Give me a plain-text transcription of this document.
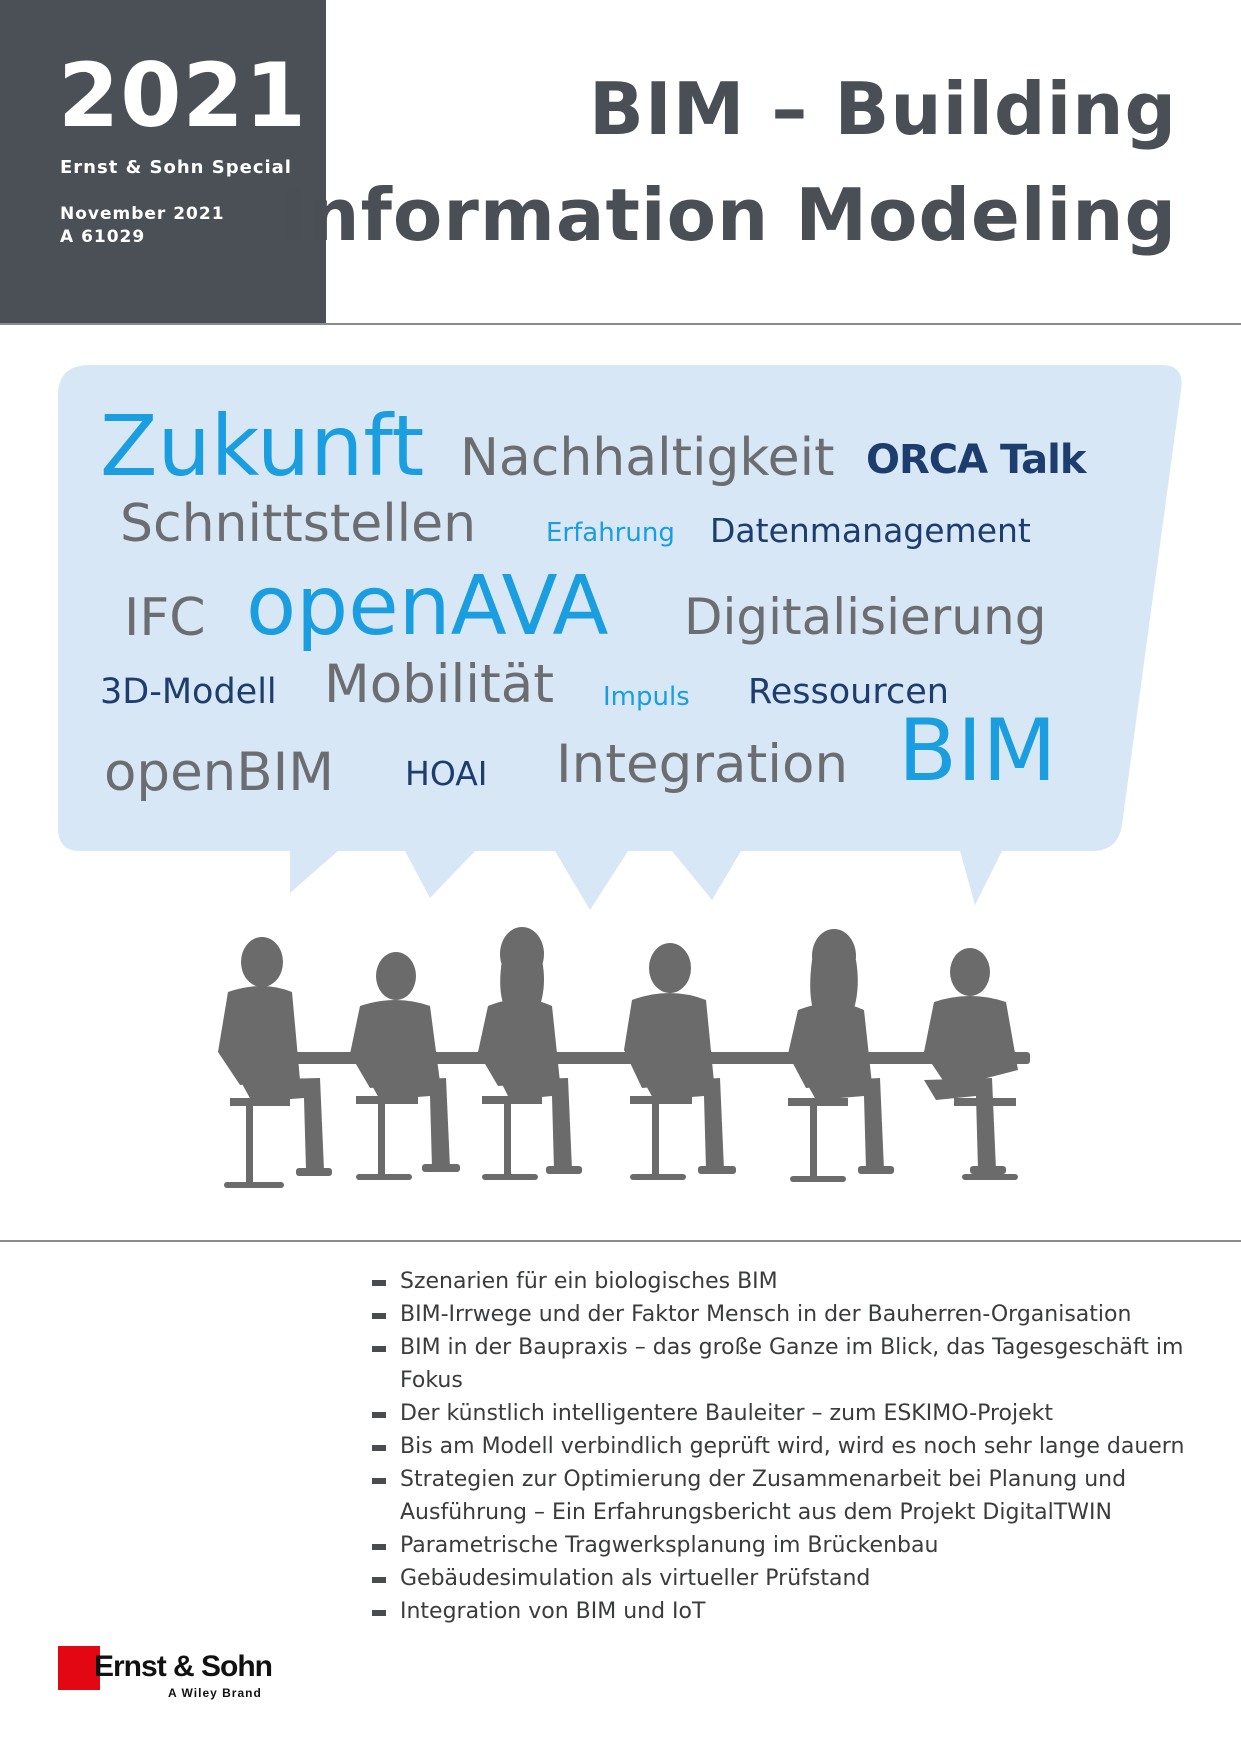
2021
Ernst & Sohn Special
November 2021
A 61029
BIM – Building
Information Modeling
Zukunft Nachhaltigkeit ORCA Talk
Schnittstellen	Erfahrung Datenmanagement
IFC openAVA Digitalisierung
3D-Modell Mobilität Impuls Ressourcen
openBIM HOAI Integration BIM
Szenarien für ein biologisches BIM
BIM-Irrwege und der Faktor Mensch in der Bauherren-Organisation
BIM in der Baupraxis – das große Ganze im Blick, das Tagesgeschäft im Fokus
Der künstlich intelligentere Bauleiter – zum ESKIMO-Projekt
Bis am Modell verbindlich geprüft wird, wird es noch sehr lange dauern
Strategien zur Optimierung der Zusammenarbeit bei Planung und Ausführung – Ein Erfahrungsbericht aus dem Projekt DigitalTWIN
Parametrische Tragwerksplanung im Brückenbau
Gebäudesimulation als virtueller Prüfstand
Integration von BIM und IoT
Ernst & Sohn
A Wiley Brand
